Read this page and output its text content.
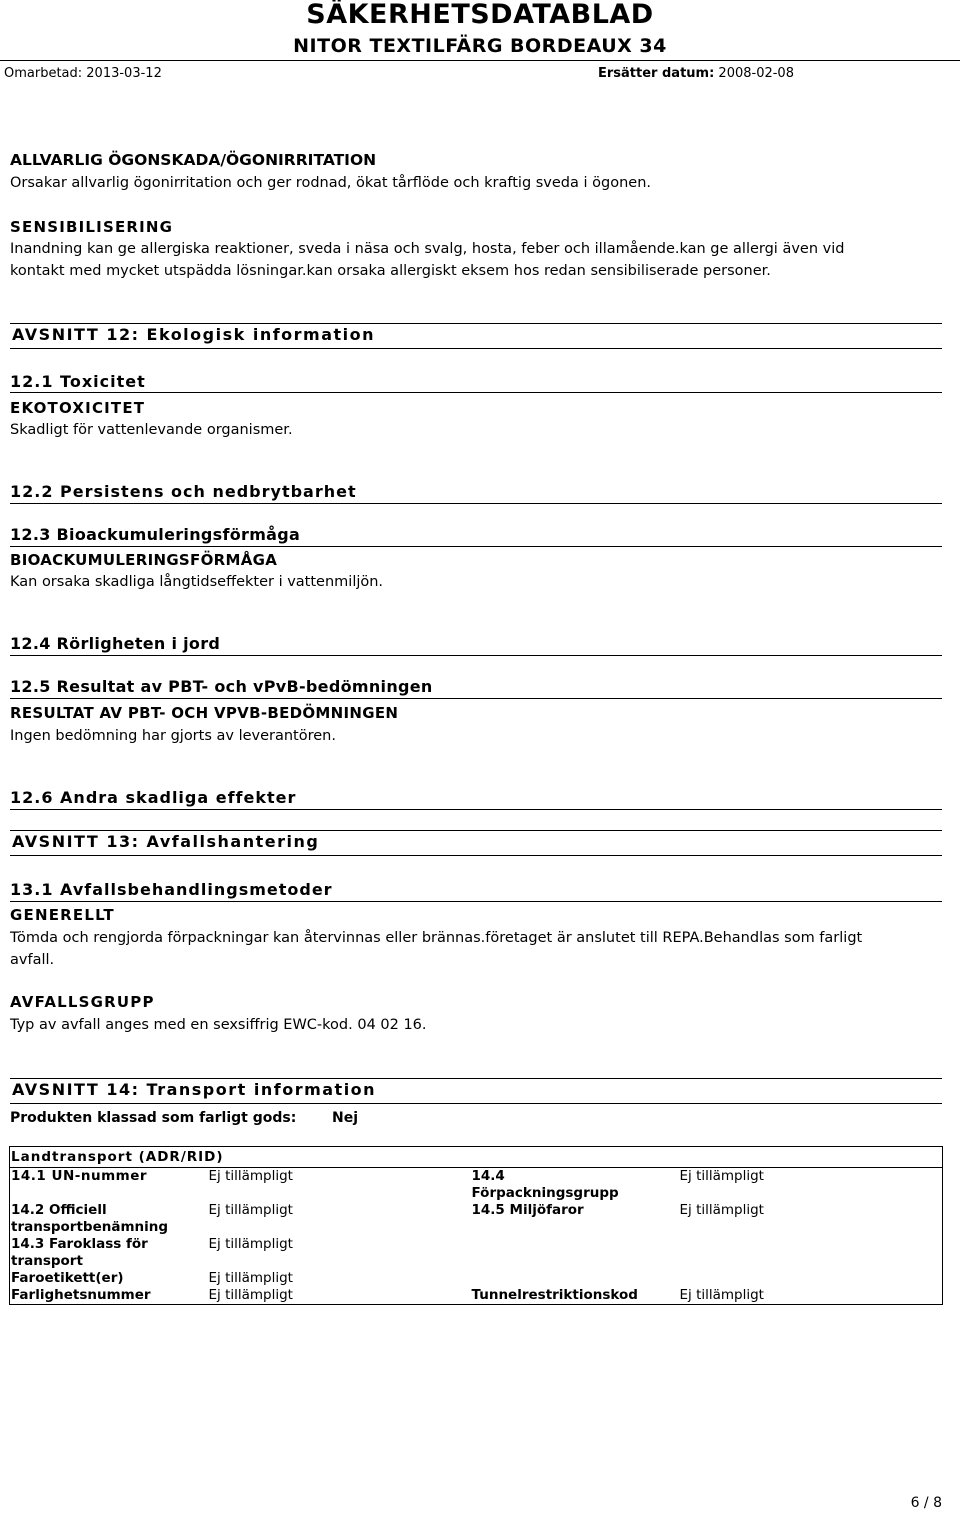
SÄKERHETSDATABLAD
NITOR TEXTILFÄRG BORDEAUX 34
Omarbetad: 2013-03-12	Ersätter datum: 2008-02-08
ALLVARLIG ÖGONSKADA/ÖGONIRRITATION
Orsakar allvarlig ögonirritation och ger rodnad, ökat tårflöde och kraftig sveda i ögonen.
SENSIBILISERING
Inandning kan ge allergiska reaktioner, sveda i näsa och svalg, hosta, feber och illamående.kan ge allergi även vid
kontakt med mycket utspädda lösningar.kan orsaka allergiskt eksem hos redan sensibiliserade personer.
AVSNITT 12: Ekologisk information
12.1 Toxicitet
EKOTOXICITET
Skadligt för vattenlevande organismer.
12.2 Persistens och nedbrytbarhet
12.3 Bioackumuleringsförmåga
BIOACKUMULERINGSFÖRMÅGA
Kan orsaka skadliga långtidseffekter i vattenmiljön.
12.4 Rörligheten i jord
12.5 Resultat av PBT- och vPvB-bedömningen
RESULTAT AV PBT- OCH VPVB-BEDÖMNINGEN
Ingen bedömning har gjorts av leverantören.
12.6 Andra skadliga effekter
AVSNITT 13: Avfallshantering
13.1 Avfallsbehandlingsmetoder
GENERELLT
Tömda och rengjorda förpackningar kan återvinnas eller brännas.företaget är anslutet till REPA.Behandlas som farligt
avfall.
AVFALLSGRUPP
Typ av avfall anges med en sexsiffrig EWC-kod. 04 02 16.
AVSNITT 14: Transport information
Produkten klassad som farligt gods:	Nej
Landtransport (ADR/RID)			
14.1 UN-nummer	Ej tillämpligt	14.4
Förpackningsgrupp	Ej tillämpligt
14.2 Officiell
transportbenämning	Ej tillämpligt	14.5 Miljöfaror	Ej tillämpligt
14.3 Faroklass för
transport	Ej tillämpligt		
Faroetikett(er)	Ej tillämpligt		
Farlighetsnummer	Ej tillämpligt	Tunnelrestriktionskod	Ej tillämpligt
6 / 8
